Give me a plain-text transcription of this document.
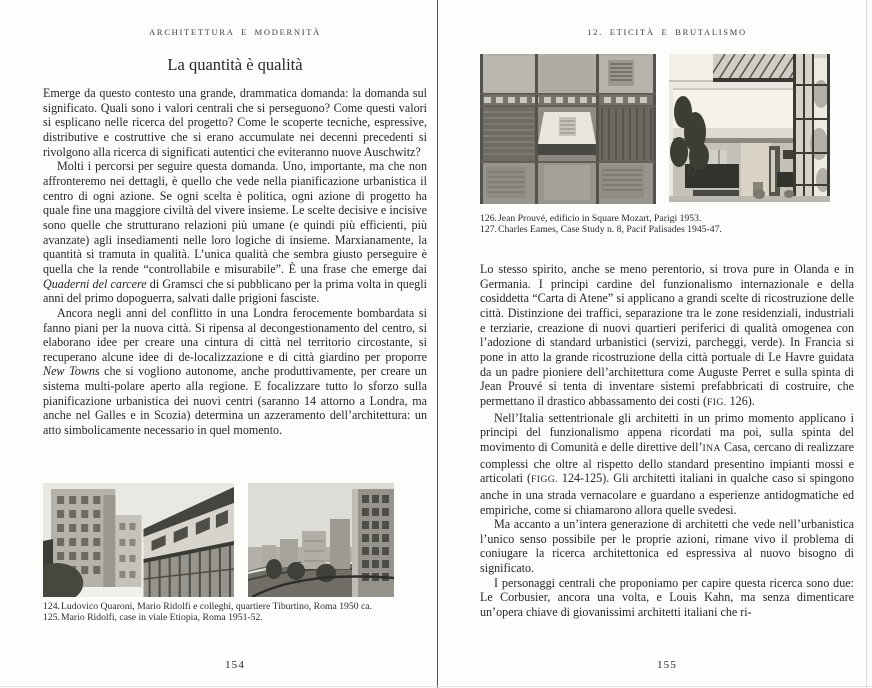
ARCHITETTURA E MODERNITÀ
La quantità è qualità

Emerge da questo contesto una grande, drammatica domanda: la domanda sul significato. Quali sono i valori centrali che si perseguono? Come questi valori si esplicano nelle ricerca del progetto? Come le scoperte tecniche, espressive, distributive e costruttive che si erano accumulate nei decenni precedenti si rivolgono alla ricerca di significati autentici che eviteranno nuove Auschwitz?

Molti i percorsi per seguire questa domanda. Uno, importante, ma che non affronteremo nei dettagli, è quello che vede nella pianificazione urbanistica il centro di ogni azione. Se ogni scelta è politica, ogni azione di progetto ha quale fine una maggiore civiltà del vivere insieme. Le scelte decisive e incisive sono quelle che strutturano relazioni più umane (e quindi più efficienti, più avanzate) agli insediamenti nelle loro logiche di insieme. Marxianamente, la quantità si tramuta in qualità. L’unica qualità che sembra giusto perseguire è quella che la rende “controllabile e misurabile”. È una frase che emerge dai Quaderni del carcere di Gramsci che si pubblicano per la prima volta in quegli anni del primo dopoguerra, salvati dalle prigioni fasciste.

Ancora negli anni del conflitto in una Londra ferocemente bombardata si fanno piani per la nuova città. Si ripensa al decongestionamento del centro, si elaborano idee per creare una cintura di città nel territorio circostante, si recuperano alcune idee di de-localizzazione e di città giardino per proporre New Towns che si vogliono autonome, anche produttivamente, per creare un sistema multi-polare aperto alla regione. E focalizzare tutto lo sforzo sulla pianificazione urbanistica dei nuovi centri (saranno 14 attorno a Londra, ma anche nel Galles e in Scozia) determina un azzeramento dell’architettura: un atto simbolicamente necessario in quel momento.

124.Ludovico Quaroni, Mario Ridolfi e colleghi, quartiere Tiburtino, Roma 1950 ca.

125.Mario Ridolfi, case in viale Etiopia, Roma 1951-52.

154
12. ETICITÀ E BRUTALISMO

126.Jean Prouvé, edificio in Square Mozart, Parigi 1953.

127.Charles Eames, Case Study n. 8, Pacif Palisades 1945-47.

Lo stesso spirito, anche se meno perentorio, si trova pure in Olanda e in Germania. I principi cardine del funzionalismo internazionale e della cosiddetta “Carta di Atene” si applicano a grandi scelte di ricostruzione delle città. Distinzione dei traffici, separazione tra le zone residenziali, industriali e terziarie, creazione di nuovi quartieri periferici di qualità omogenea con l’adozione di standard urbanistici (servizi, parcheggi, verde). In Francia si pone in atto la grande ricostruzione della città portuale di Le Havre guidata da un padre pioniere dell’architettura come Auguste Perret e sulla spinta di Jean Prouvé si tenta di inventare sistemi prefabbricati di costruire, che permettano il drastico abbassamento dei costi (FIG. 126).

Nell’Italia settentrionale gli architetti in un primo momento applicano i principi del funzionalismo appena ricordati ma poi, sulla spinta del movimento di Comunità e delle direttive dell’INA Casa, cercano di realizzare complessi che oltre al rispetto dello standard presentino impianti mossi e articolati (FIGG. 124-125). Gli architetti italiani in qualche caso si spingono anche in una strada vernacolare e guardano a esperienze antidogmatiche ed empiriche, come si chiamarono allora quelle svedesi.

Ma accanto a un’intera generazione di architetti che vede nell’urbanistica l’unico senso possibile per le proprie azioni, rimane vivo il problema di coniugare la ricerca architettonica ed espressiva al nuovo bisogno di significato.

I personaggi centrali che proponiamo per capire questa ricerca sono due: Le Corbusier, ancora una volta, e Louis Kahn, ma senza dimenticare un’opera chiave di giovanissimi architetti italiani che ri-

155
